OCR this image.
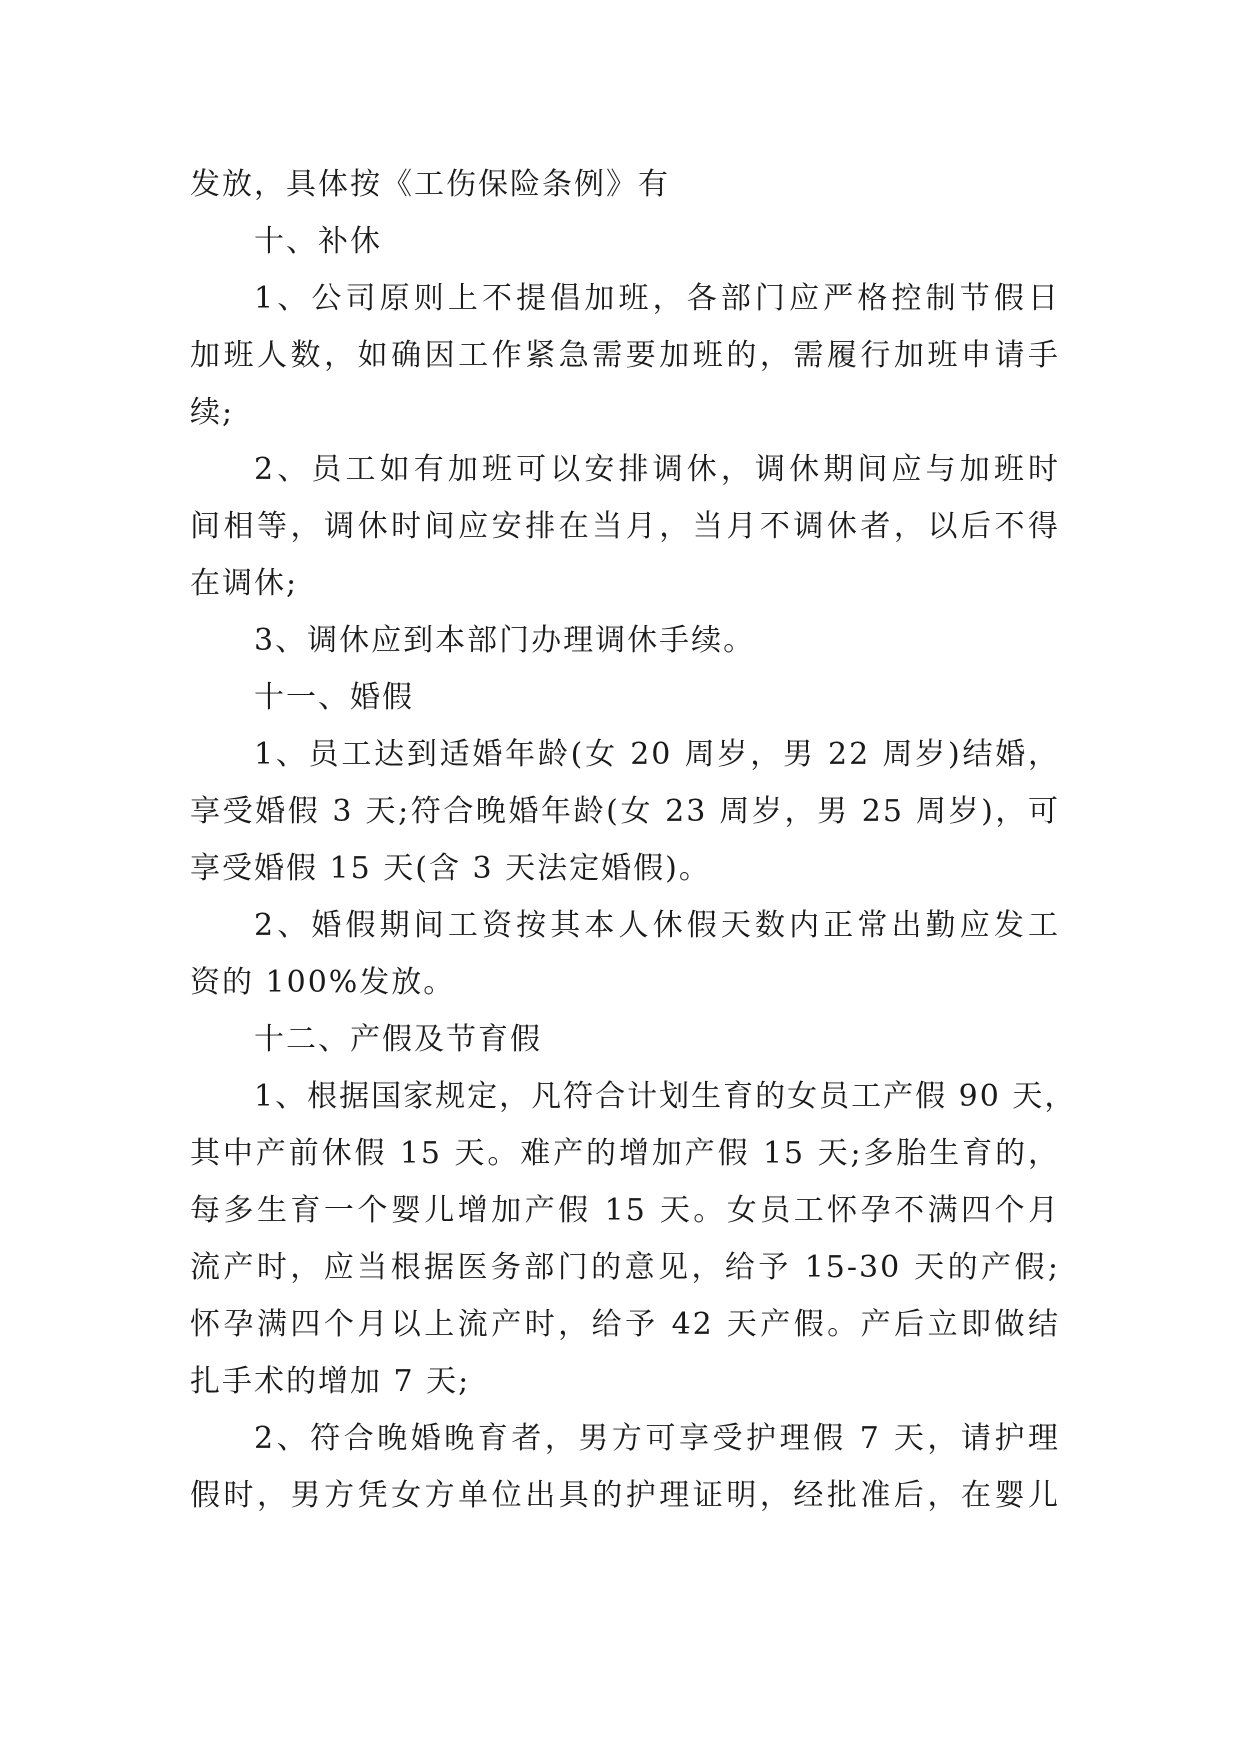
发放，具体按《工伤保险条例》有
十、补休
1、公司原则上不提倡加班，各部门应严格控制节假日
加班人数，如确因工作紧急需要加班的，需履行加班申请手
续;
2、员工如有加班可以安排调休，调休期间应与加班时
间相等，调休时间应安排在当月，当月不调休者，以后不得
在调休;
3、调休应到本部门办理调休手续。
十一、婚假
1、员工达到适婚年龄(女 20 周岁，男 22 周岁)结婚，
享受婚假 3 天;符合晚婚年龄(女 23 周岁，男 25 周岁)，可
享受婚假 15 天(含 3 天法定婚假)。
2、婚假期间工资按其本人休假天数内正常出勤应发工
资的 100%发放。
十二、产假及节育假
1、根据国家规定，凡符合计划生育的女员工产假 90 天，
其中产前休假 15 天。难产的增加产假 15 天;多胎生育的，
每多生育一个婴儿增加产假 15 天。女员工怀孕不满四个月
流产时，应当根据医务部门的意见，给予 15-30 天的产假;
怀孕满四个月以上流产时，给予 42 天产假。产后立即做结
扎手术的增加 7 天;
2、符合晚婚晚育者，男方可享受护理假 7 天，请护理
假时，男方凭女方单位出具的护理证明，经批准后，在婴儿
